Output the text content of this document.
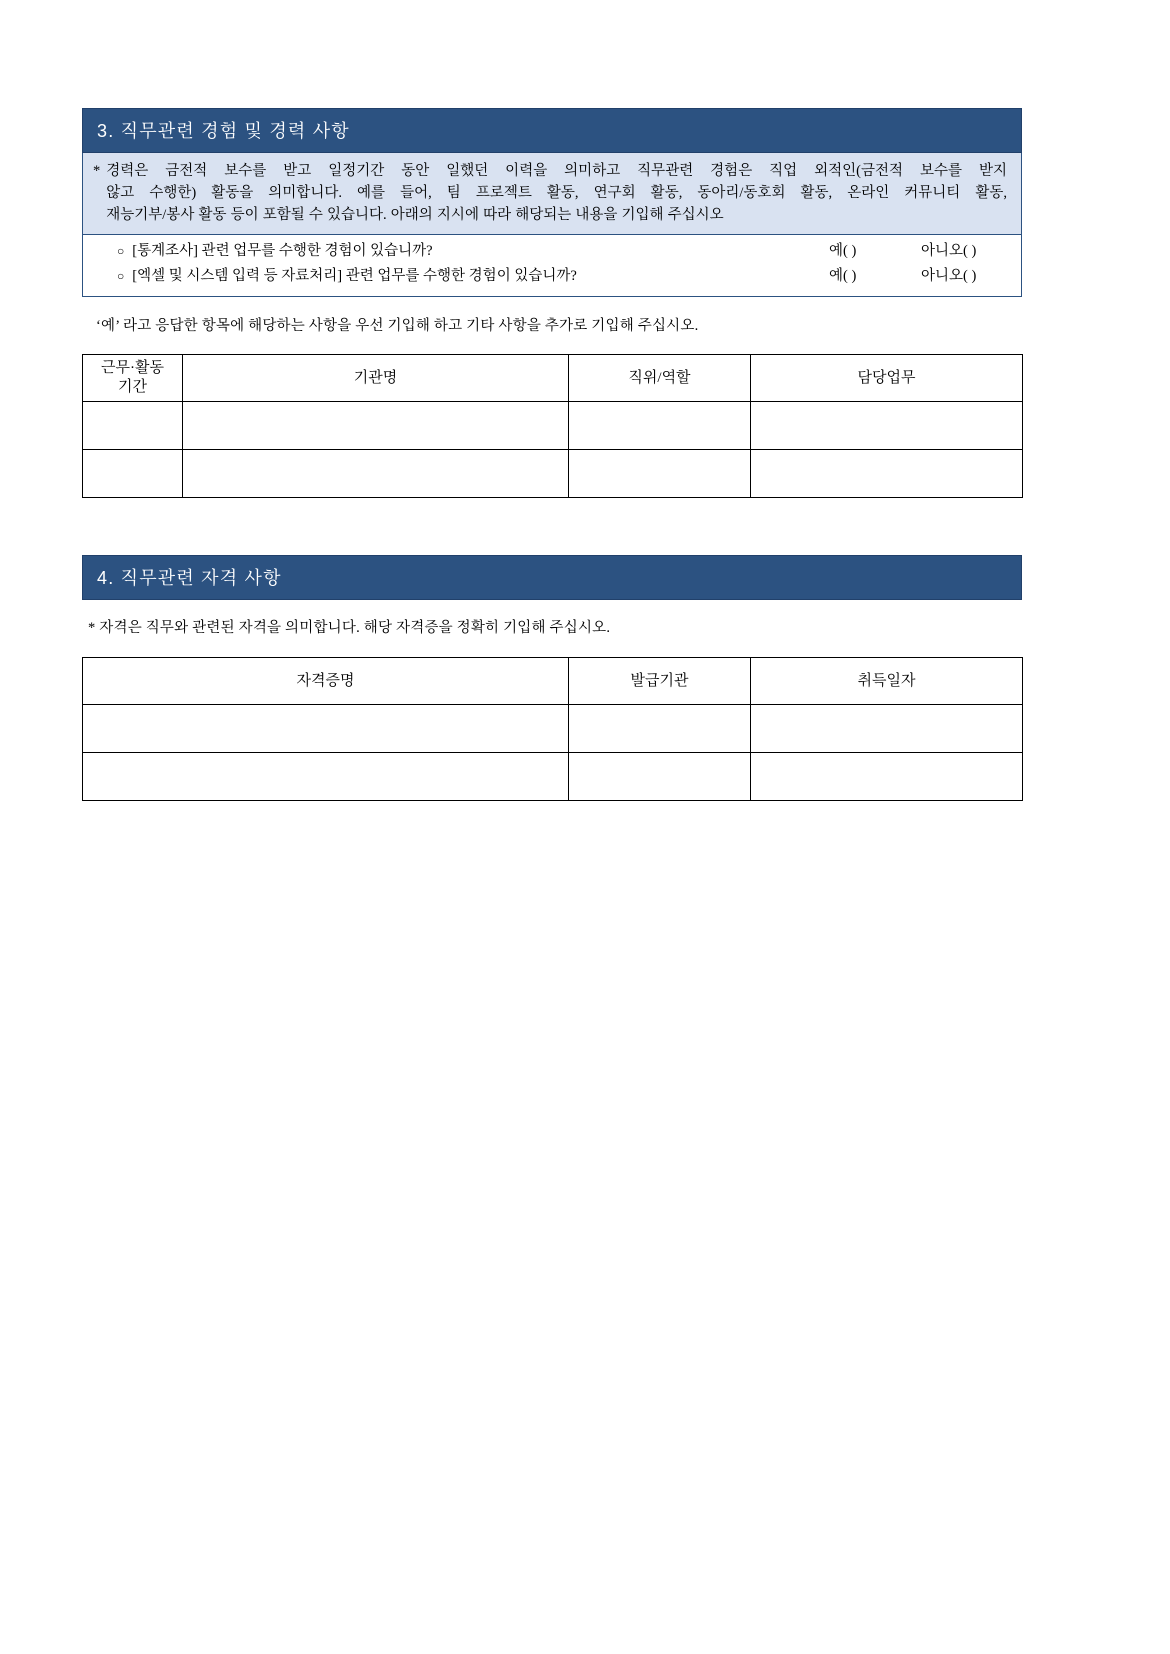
3. 직무관련 경험 및 경력 사항
* 경력은 금전적 보수를 받고 일정기간 동안 일했던 이력을 의미하고 직무관련 경험은 직업 외적인(금전적 보수를 받지
않고 수행한) 활동을 의미합니다. 예를 들어, 팀 프로젝트 활동, 연구회 활동, 동아리/동호회 활동, 온라인 커뮤니티 활동,
재능기부/봉사 활동 등이 포함될 수 있습니다. 아래의 지시에 따라 해당되는 내용을 기입해 주십시오
○ [통계조사] 관련 업무를 수행한 경험이 있습니까?	예( )	아니오( )
○ [엑셀 및 시스템 입력 등 자료처리] 관련 업무를 수행한 경험이 있습니까?	예( )	아니오( )
‘예’ 라고 응답한 항목에 해당하는 사항을 우선 기입해 하고 기타 사항을 추가로 기입해 주십시오.
근무·활동
기간	기관명	직위/역할	담당업무

4. 직무관련 자격 사항
* 자격은 직무와 관련된 자격을 의미합니다. 해당 자격증을 정확히 기입해 주십시오.
자격증명	발급기관	취득일자
